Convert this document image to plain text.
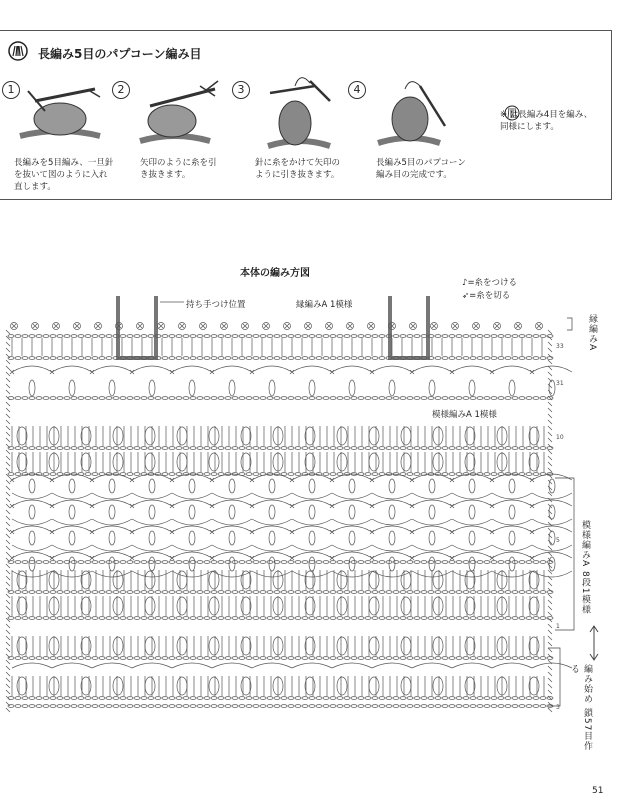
長編み5目のパプコーン編み目
1	2	3	4
長編みを5目編み、一旦針を抜いて図のように入れ直します。
矢印のように糸を引き抜きます。
針に糸をかけて矢印のように引き抜きます。
長編み5目のパプコーン編み目の完成です。
※ は長編み4目を編み、同様にします。
本体の編み方図
♪=糸をつける
➶=糸を切る
持ち手つけ位置	縁編みA 1模様
模様編みA 1模様
縁編みA
模様編みA 8段1模様
編み始め 鎖57目作る
33
31
10
5
1
3
51
